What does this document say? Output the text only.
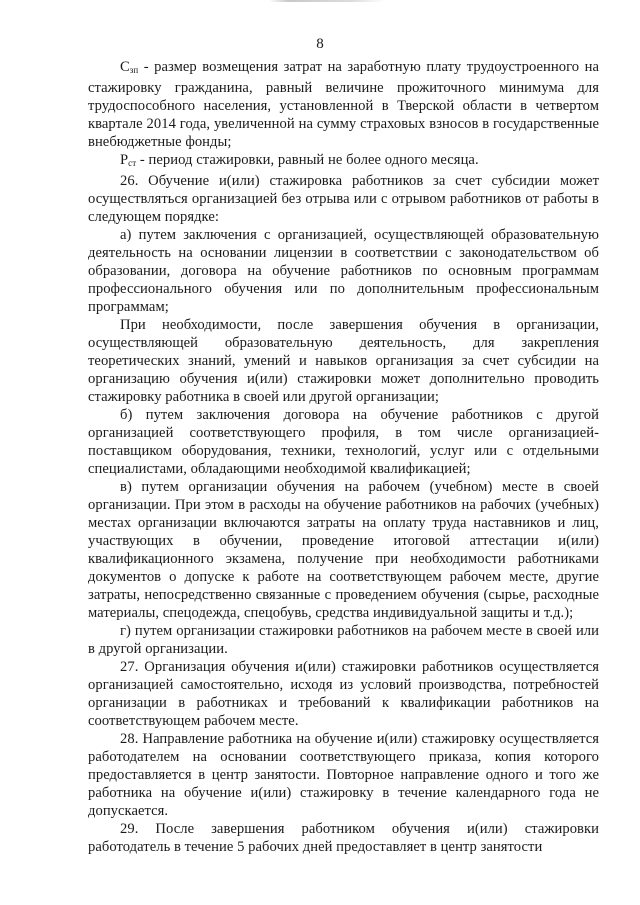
8

$С_{зп}$ - размер возмещения затрат на заработную плату трудоустроенного на стажировку гражданина, равный величине прожиточного минимума для трудоспособного населения, установленной в Тверской области в четвертом квартале 2014 года, увеличенной на сумму страховых взносов в государственные внебюджетные фонды;

$Р_{ст}$ - период стажировки, равный не более одного месяца.

26. Обучение и(или) стажировка работников за счет субсидии может осуществляться организацией без отрыва или с отрывом работников от работы в следующем порядке:

а) путем заключения с организацией, осуществляющей образовательную деятельность на основании лицензии в соответствии с законодательством об образовании, договора на обучение работников по основным программам профессионального обучения или по дополнительным профессиональным программам;

При необходимости, после завершения обучения в организации, осуществляющей образовательную деятельность, для закрепления теоретических знаний, умений и навыков организация за счет субсидии на организацию обучения и(или) стажировки может дополнительно проводить стажировку работника в своей или другой организации;

б) путем заключения договора на обучение работников с другой организацией соответствующего профиля, в том числе организацией-поставщиком оборудования, техники, технологий, услуг или с отдельными специалистами, обладающими необходимой квалификацией;

в) путем организации обучения на рабочем (учебном) месте в своей организации. При этом в расходы на обучение работников на рабочих (учебных) местах организации включаются затраты на оплату труда наставников и лиц, участвующих в обучении, проведение итоговой аттестации и(или) квалификационного экзамена, получение при необходимости работниками документов о допуске к работе на соответствующем рабочем месте, другие затраты, непосредственно связанные с проведением обучения (сырье, расходные материалы, спецодежда, спецобувь, средства индивидуальной защиты и т.д.);

г) путем организации стажировки работников на рабочем месте в своей или в другой организации.

27. Организация обучения и(или) стажировки работников осуществляется организацией самостоятельно, исходя из условий производства, потребностей организации в работниках и требований к квалификации работников на соответствующем рабочем месте.

28. Направление работника на обучение и(или) стажировку осуществляется работодателем на основании соответствующего приказа, копия которого предоставляется в центр занятости. Повторное направление одного и того же работника на обучение и(или) стажировку в течение календарного года не допускается.

29. После завершения работником обучения и(или) стажировки работодатель в течение 5 рабочих дней предоставляет в центр занятости
